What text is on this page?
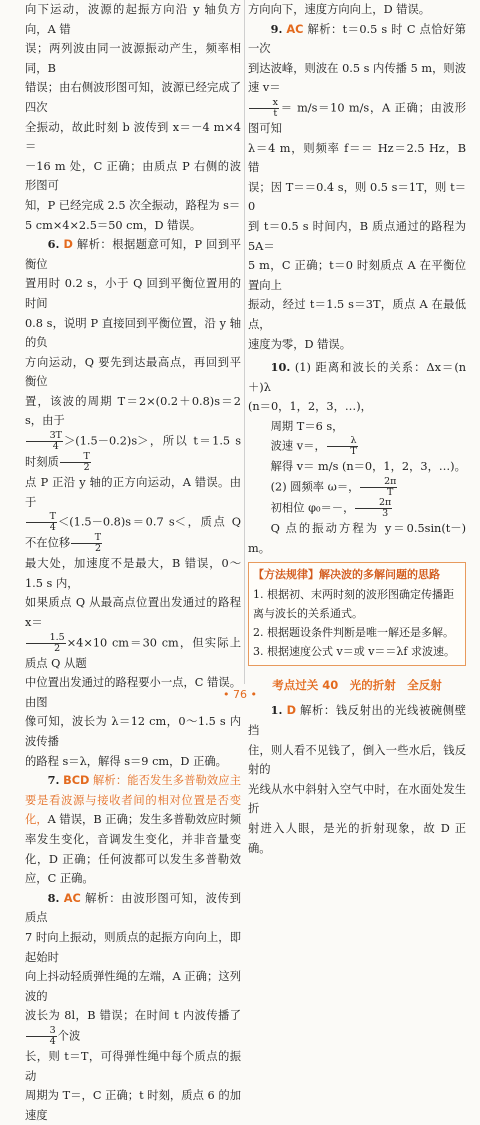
向下运动，波源的起振方向沿 y 轴负方向，A 错
误；两列波由同一波源振动产生，频率相同，B
错误；由右侧波形图可知，波源已经完成了四次
全振动，故此时刻 b 波传到 x＝－4 m×4＝
－16 m 处，C 正确；由质点 P 右侧的波形图可
知，P 已经完成 2.5 次全振动，路程为 s＝
5 cm×4×2.5＝50 cm，D 错误。

6. D 解析：根据题意可知，P 回到平衡位
置用时 0.2 s，小于 Q 回到平衡位置用的时间
0.8 s，说明 P 直接回到平衡位置，沿 y 轴的负
方向运动，Q 要先到达最高点，再回到平衡位
置，该波的周期 T＝2×(0.2＋0.8)s＝2 s，由于

$\frac{3T}{4} >(1.5-0.2)s>$，所以 t＝1.5 s 时刻质 $\frac{T}{2}$

点 P 正沿 y 轴的正方向运动，A 错误。由于

$\frac{T}{4} <(1.5-0.8)s=0.7$ s＜，质点 Q 不在位移 $\frac{T}{2}$

最大处，加速度不是最大，B 错误，0～1.5 s 内，
如果质点 Q 从最高点位置出发通过的路程 x＝

$\frac{1.5}{2} \times 4\times 10$ cm＝30 cm，但实际上质点 Q 从题
中位置出发通过的路程要小一点，C 错误。由图
像可知，波长为 λ＝12 cm，0～1.5 s 内波传播
的路程 s＝λ，解得 s＝9 cm，D 正确。

7. BCD 解析：能否发生多普勒效应主要是看波源与接收者间的相对位置是否变化，A 错误，B 正确；发生多普勒效应时频率发生变化，音调发生变化，并非音量变化，D 正确；任何波都可以发生多普勒效应，C 正确。

8. AC 解析：由波形图可知，波传到质点
7 时向上振动，则质点的起振方向向上，即起始时
向上抖动轻质弹性绳的左端，A 正确；这列波的
波长为 8l，B 错误；在时间 t 内波传播了
$\frac{3}{4}$ 个波
长，则 t＝T，可得弹性绳中每个质点的振动
周期为 T＝，C 正确；t 时刻，质点 6 的加速度

方向向下，速度方向向上，D 错误。

9. AC 解析：t＝0.5 s 时 C 点恰好第一次
到达波峰，则波在 0.5 s 内传播 5 m，则波速 v＝

$\frac{x}{t} = m/s=10$ m/s，A 正确；由波形图可知
λ＝4 m，则频率 f＝＝ Hz＝2.5 Hz，B 错
误；因 T＝＝0.4 s，则 0.5 s＝1T，则 t＝0
到 t＝0.5 s 时间内，B 质点通过的路程为 5A＝
5 m，C 正确；t＝0 时刻质点 A 在平衡位置向上
振动，经过 t＝1.5 s＝3T，质点 A 在最低点，
速度为零，D 错误。

10. (1) 距离和波长的关系：Δx＝(n＋)λ

(n＝0，1，2，3，…)，

周期 T＝6 s，

波速 v＝， $\frac{\lambda}{T}$

解得 v＝ m/s (n＝0，1，2，3，…)。

(2) 圆频率 ω＝， $\frac{2\pi}{T}$

初相位 φ₀＝－， $\frac{2\pi}{3}$

Q 点的振动方程为 y＝0.5sin(t－) m。

【方法规律】解决波的多解问题的思路

1. 根据初、末两时刻的波形图确定传播距离与波长的关系通式。

2. 根据题设条件判断是唯一解还是多解。

3. 根据速度公式 v＝或 v＝＝λf 求波速。

考点过关 40　光的折射　全反射

1. D 解析：钱反射出的光线被碗侧壁挡
住，则人看不见钱了，倒入一些水后，钱反射的
光线从水中斜射入空气中时，在水面处发生折
射进入人眼，是光的折射现象，故 D 正确。

• 76 •
